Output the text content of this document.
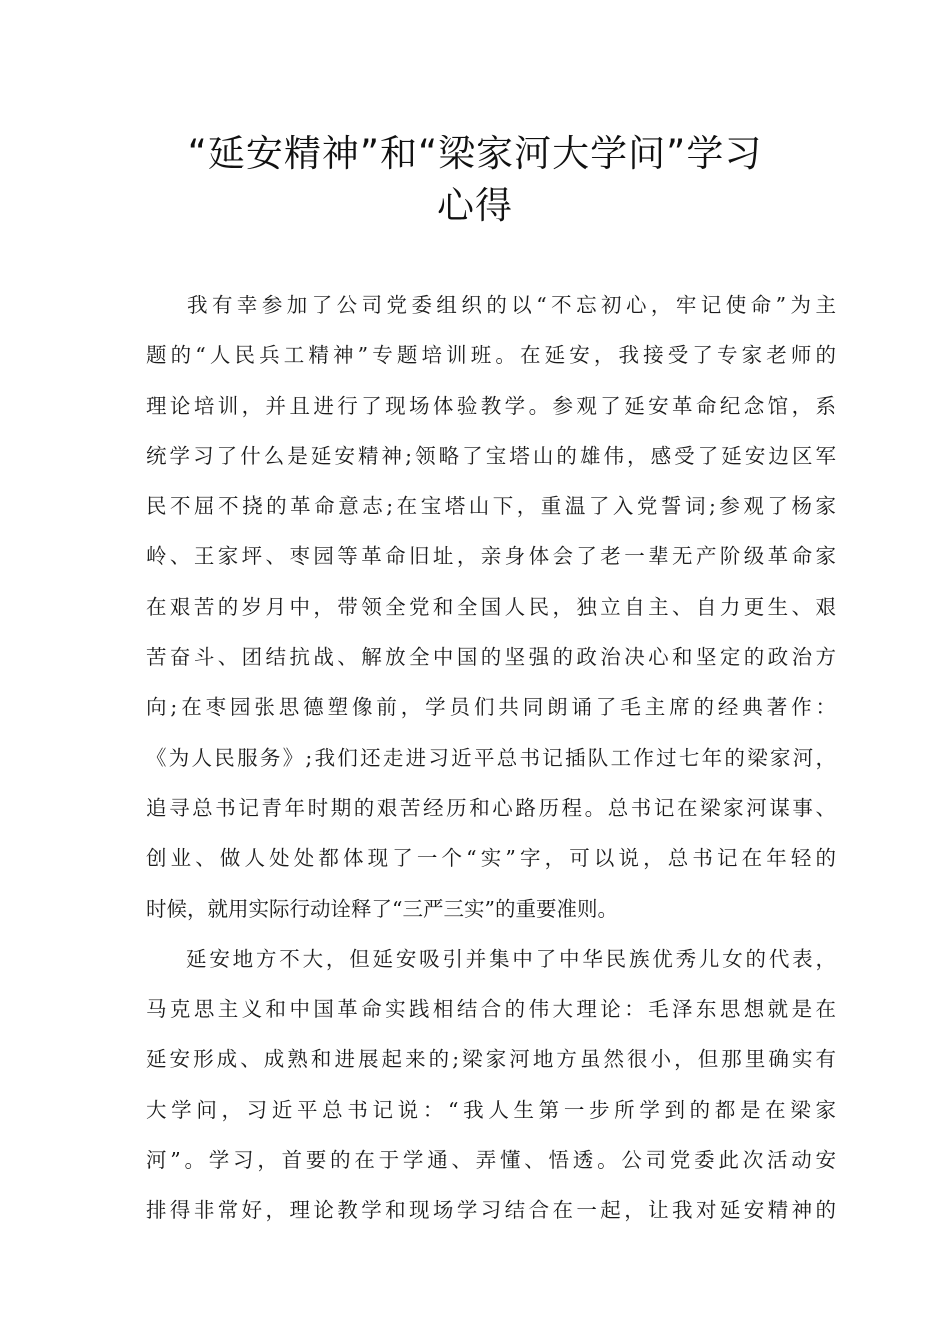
“延安精神”和“梁家河大学问”学习
心得
我有幸参加了公司党委组织的以“不忘初心，牢记使命”为主
题的“人民兵工精神”专题培训班。在延安，我接受了专家老师的
理论培训，并且进行了现场体验教学。参观了延安革命纪念馆，系
统学习了什么是延安精神;领略了宝塔山的雄伟，感受了延安边区军
民不屈不挠的革命意志;在宝塔山下，重温了入党誓词;参观了杨家
岭、王家坪、枣园等革命旧址，亲身体会了老一辈无产阶级革命家
在艰苦的岁月中，带领全党和全国人民，独立自主、自力更生、艰
苦奋斗、团结抗战、解放全中国的坚强的政治决心和坚定的政治方
向;在枣园张思德塑像前，学员们共同朗诵了毛主席的经典著作：
《为人民服务》;我们还走进习近平总书记插队工作过七年的梁家河，
追寻总书记青年时期的艰苦经历和心路历程。总书记在梁家河谋事、
创业、做人处处都体现了一个“实”字，可以说，总书记在年轻的
时候，就用实际行动诠释了“三严三实”的重要准则。
延安地方不大，但延安吸引并集中了中华民族优秀儿女的代表，
马克思主义和中国革命实践相结合的伟大理论：毛泽东思想就是在
延安形成、成熟和进展起来的;梁家河地方虽然很小，但那里确实有
大学问，习近平总书记说：“我人生第一步所学到的都是在梁家
河”。学习，首要的在于学通、弄懂、悟透。公司党委此次活动安
排得非常好，理论教学和现场学习结合在一起，让我对延安精神的
